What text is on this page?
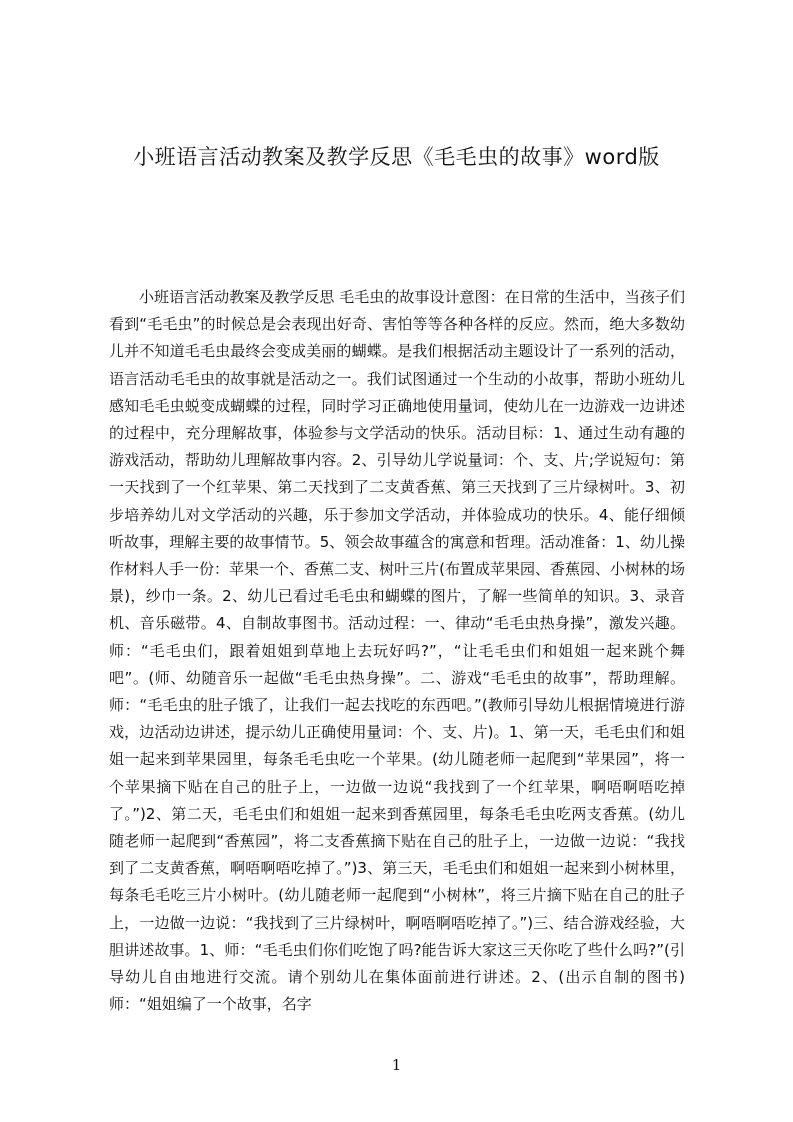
小班语言活动教案及教学反思《毛毛虫的故事》word版

小班语言活动教案及教学反思 毛毛虫的故事设计意图：在日常的生活中，当孩子们看到“毛毛虫”的时候总是会表现出好奇、害怕等等各种各样的反应。然而，绝大多数幼儿并不知道毛毛虫最终会变成美丽的蝴蝶。是我们根据活动主题设计了一系列的活动，语言活动毛毛虫的故事就是活动之一。我们试图通过一个生动的小故事，帮助小班幼儿感知毛毛虫蜕变成蝴蝶的过程，同时学习正确地使用量词，使幼儿在一边游戏一边讲述的过程中，充分理解故事，体验参与文学活动的快乐。活动目标：1、通过生动有趣的游戏活动，帮助幼儿理解故事内容。2、引导幼儿学说量词：个、支、片;学说短句：第一天找到了一个红苹果、第二天找到了二支黄香蕉、第三天找到了三片绿树叶。3、初步培养幼儿对文学活动的兴趣，乐于参加文学活动，并体验成功的快乐。4、能仔细倾听故事，理解主要的故事情节。5、领会故事蕴含的寓意和哲理。活动准备：1、幼儿操作材料人手一份：苹果一个、香蕉二支、树叶三片(布置成苹果园、香蕉园、小树林的场景)，纱巾一条。2、幼儿已看过毛毛虫和蝴蝶的图片，了解一些简单的知识。3、录音机、音乐磁带。4、自制故事图书。活动过程：一、律动“毛毛虫热身操”，激发兴趣。师：“毛毛虫们，跟着姐姐到草地上去玩好吗?”，“让毛毛虫们和姐姐一起来跳个舞吧”。(师、幼随音乐一起做“毛毛虫热身操”。二、游戏“毛毛虫的故事”，帮助理解。师：“毛毛虫的肚子饿了，让我们一起去找吃的东西吧。”(教师引导幼儿根据情境进行游戏，边活动边讲述，提示幼儿正确使用量词：个、支、片)。1、第一天，毛毛虫们和姐姐一起来到苹果园里，每条毛毛虫吃一个苹果。(幼儿随老师一起爬到“苹果园”，将一个苹果摘下贴在自己的肚子上，一边做一边说“我找到了一个红苹果，啊唔啊唔吃掉了。”)2、第二天，毛毛虫们和姐姐一起来到香蕉园里，每条毛毛虫吃两支香蕉。(幼儿随老师一起爬到“香蕉园”，将二支香蕉摘下贴在自己的肚子上，一边做一边说：“我找到了二支黄香蕉，啊唔啊唔吃掉了。”)3、第三天，毛毛虫们和姐姐一起来到小树林里，每条毛毛吃三片小树叶。(幼儿随老师一起爬到“小树林”，将三片摘下贴在自己的肚子上，一边做一边说：“我找到了三片绿树叶，啊唔啊唔吃掉了。”)三、结合游戏经验，大胆讲述故事。1、师：“毛毛虫们你们吃饱了吗?能告诉大家这三天你吃了些什么吗?”(引导幼儿自由地进行交流。请个别幼儿在集体面前进行讲述。2、(出示自制的图书)师：“姐姐编了一个故事，名字

1
